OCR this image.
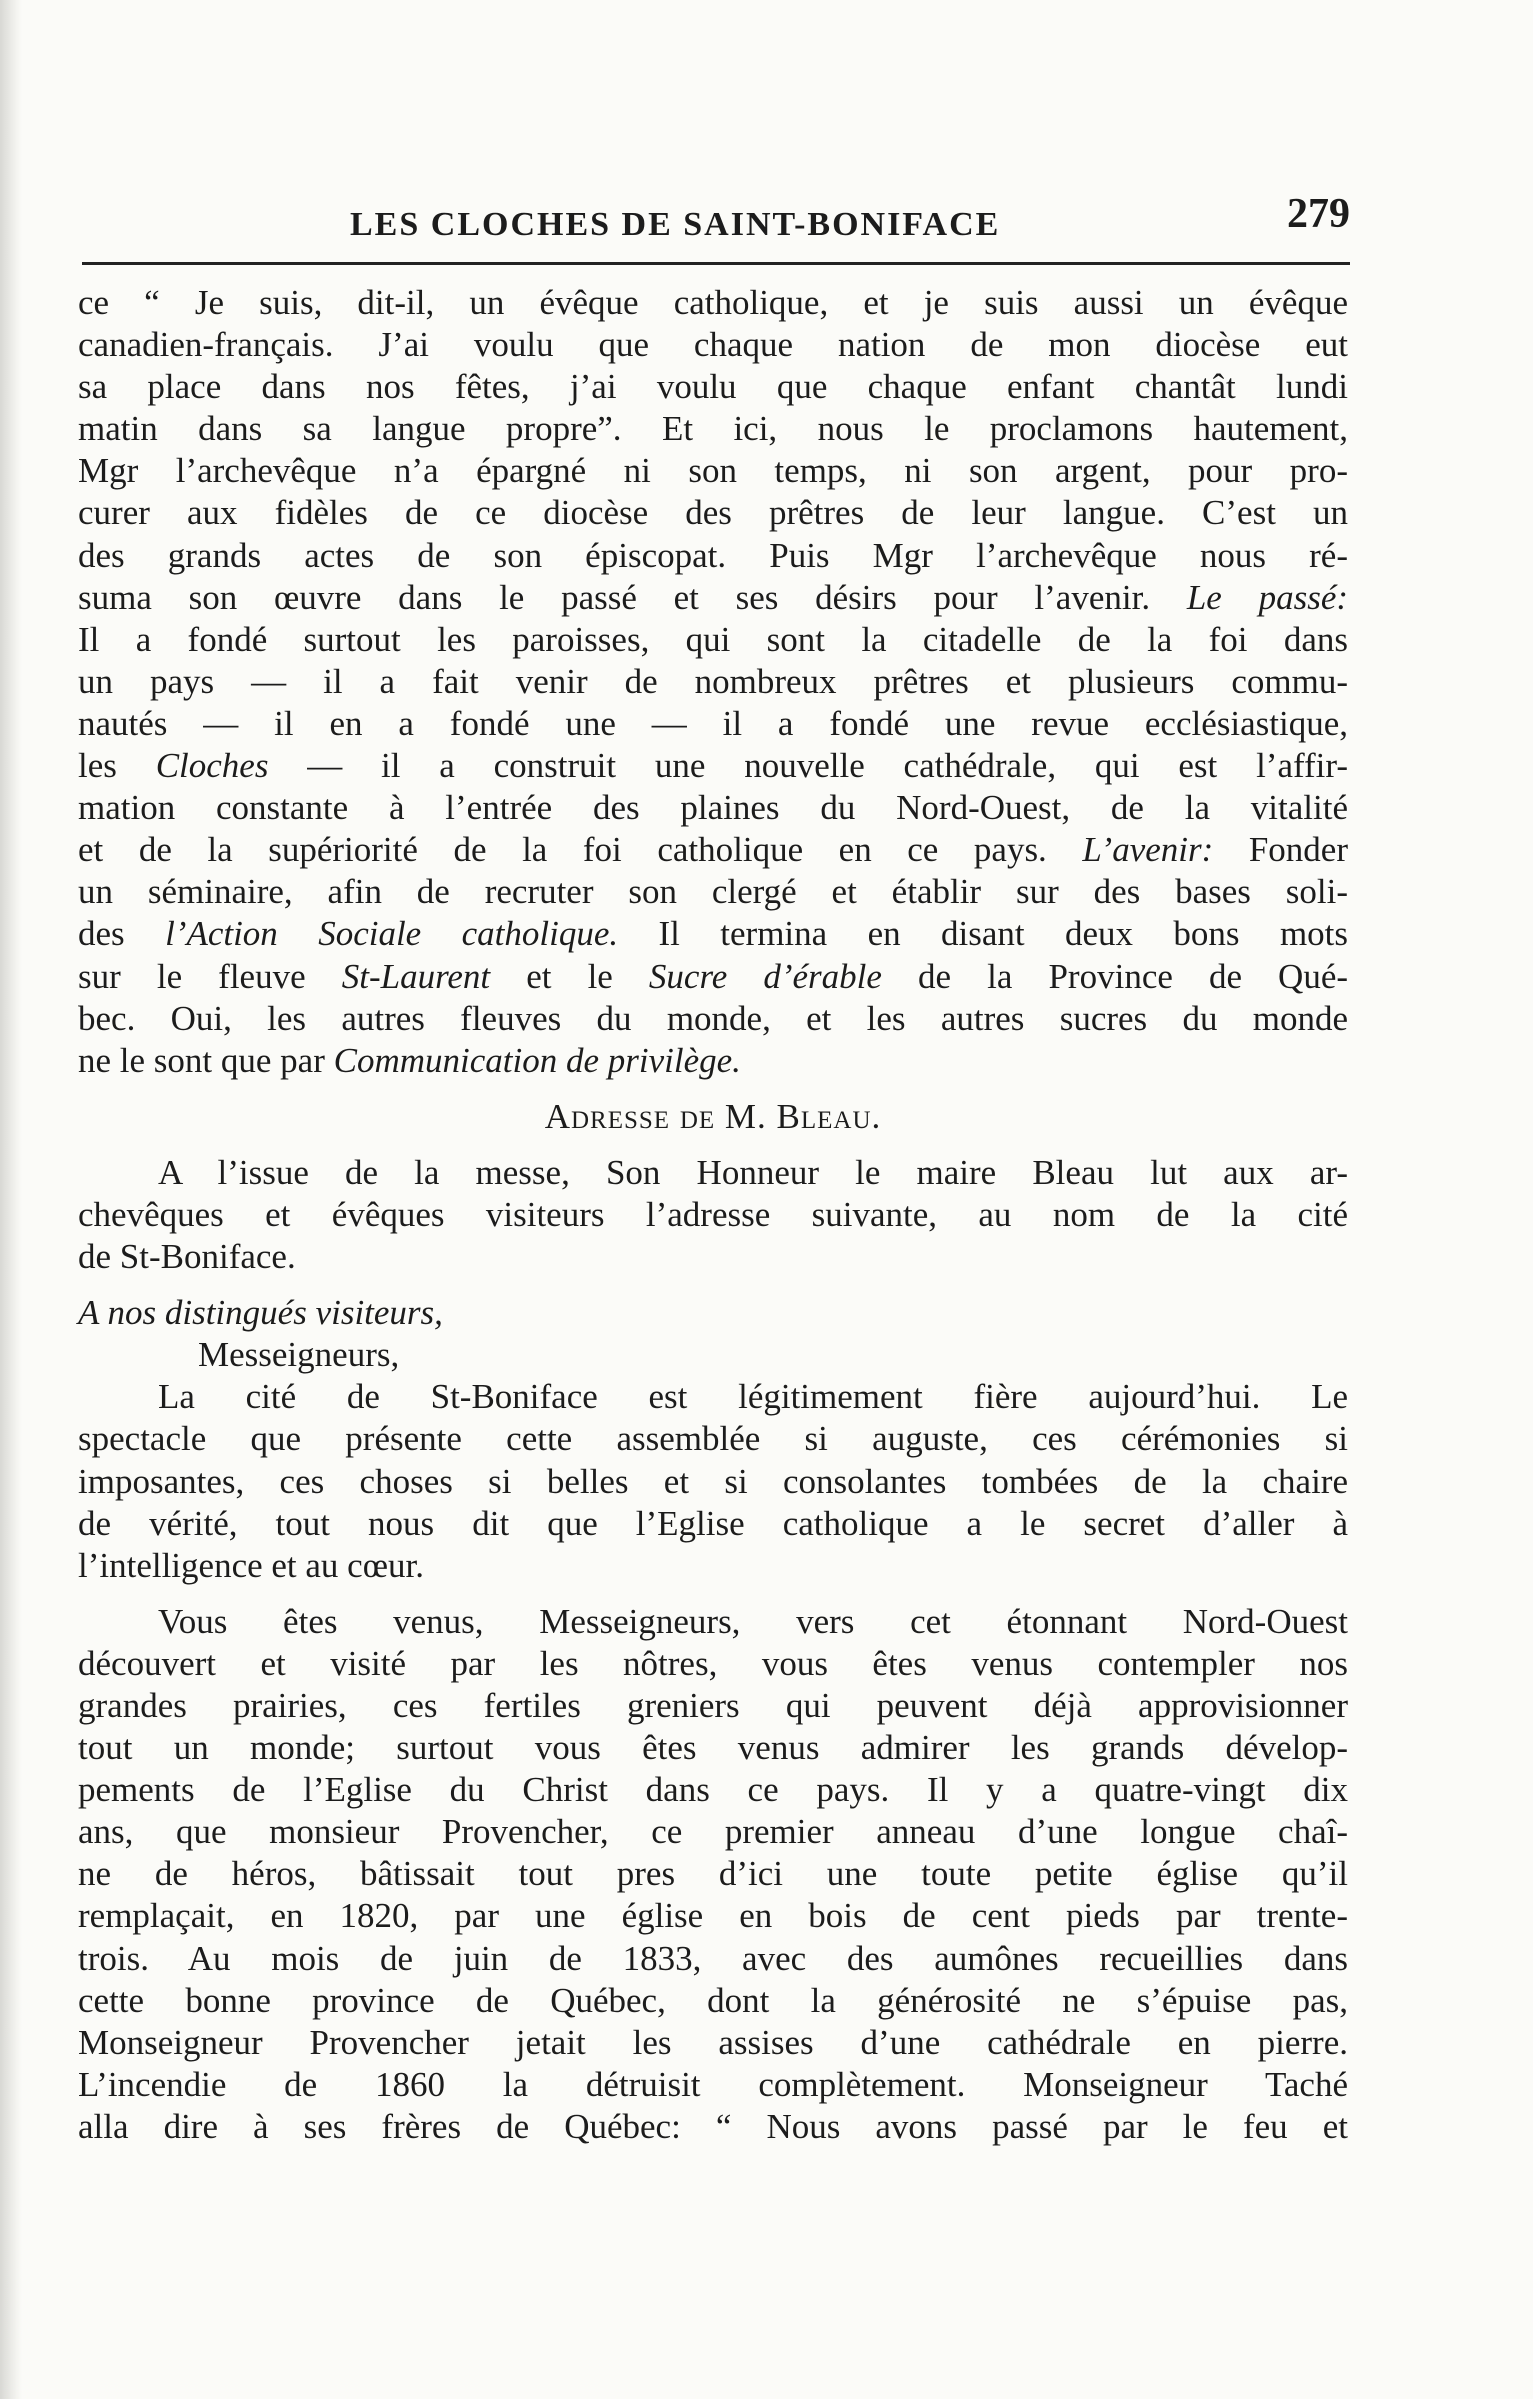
LES CLOCHES DE SAINT-BONIFACE	279
ce “ Je suis, dit-il, un évêque catholique, et je suis aussi un évêque
canadien-français. J’ai voulu que chaque nation de mon diocèse eut
sa place dans nos fêtes, j’ai voulu que chaque enfant chantât lundi
matin dans sa langue propre”. Et ici, nous le proclamons hautement,
Mgr l’archevêque n’a épargné ni son temps, ni son argent, pour pro-
curer aux fidèles de ce diocèse des prêtres de leur langue. C’est un
des grands actes de son épiscopat. Puis Mgr l’archevêque nous ré-
suma son œuvre dans le passé et ses désirs pour l’avenir. Le passé:
Il a fondé surtout les paroisses, qui sont la citadelle de la foi dans
un pays — il a fait venir de nombreux prêtres et plusieurs commu-
nautés — il en a fondé une — il a fondé une revue ecclésiastique,
les Cloches — il a construit une nouvelle cathédrale, qui est l’affir-
mation constante à l’entrée des plaines du Nord-Ouest, de la vitalité
et de la supériorité de la foi catholique en ce pays. L’avenir: Fonder
un séminaire, afin de recruter son clergé et établir sur des bases soli-
des l’Action Sociale catholique. Il termina en disant deux bons mots
sur le fleuve St-Laurent et le Sucre d’érable de la Province de Qué-
bec. Oui, les autres fleuves du monde, et les autres sucres du monde
ne le sont que par Communication de privilège.
Adresse de M. Bleau.
A l’issue de la messe, Son Honneur le maire Bleau lut aux ar-
chevêques et évêques visiteurs l’adresse suivante, au nom de la cité
de St-Boniface.
A nos distingués visiteurs,
Messeigneurs,
La cité de St-Boniface est légitimement fière aujourd’hui. Le
spectacle que présente cette assemblée si auguste, ces cérémonies si
imposantes, ces choses si belles et si consolantes tombées de la chaire
de vérité, tout nous dit que l’Eglise catholique a le secret d’aller à
l’intelligence et au cœur.
Vous êtes venus, Messeigneurs, vers cet étonnant Nord-Ouest
découvert et visité par les nôtres, vous êtes venus contempler nos
grandes prairies, ces fertiles greniers qui peuvent déjà approvisionner
tout un monde; surtout vous êtes venus admirer les grands dévelop-
pements de l’Eglise du Christ dans ce pays. Il y a quatre-vingt dix
ans, que monsieur Provencher, ce premier anneau d’une longue chaî-
ne de héros, bâtissait tout pres d’ici une toute petite église qu’il
remplaçait, en 1820, par une église en bois de cent pieds par trente-
trois. Au mois de juin de 1833, avec des aumônes recueillies dans
cette bonne province de Québec, dont la générosité ne s’épuise pas,
Monseigneur Provencher jetait les assises d’une cathédrale en pierre.
L’incendie de 1860 la détruisit complètement. Monseigneur Taché
alla dire à ses frères de Québec: “ Nous avons passé par le feu et
